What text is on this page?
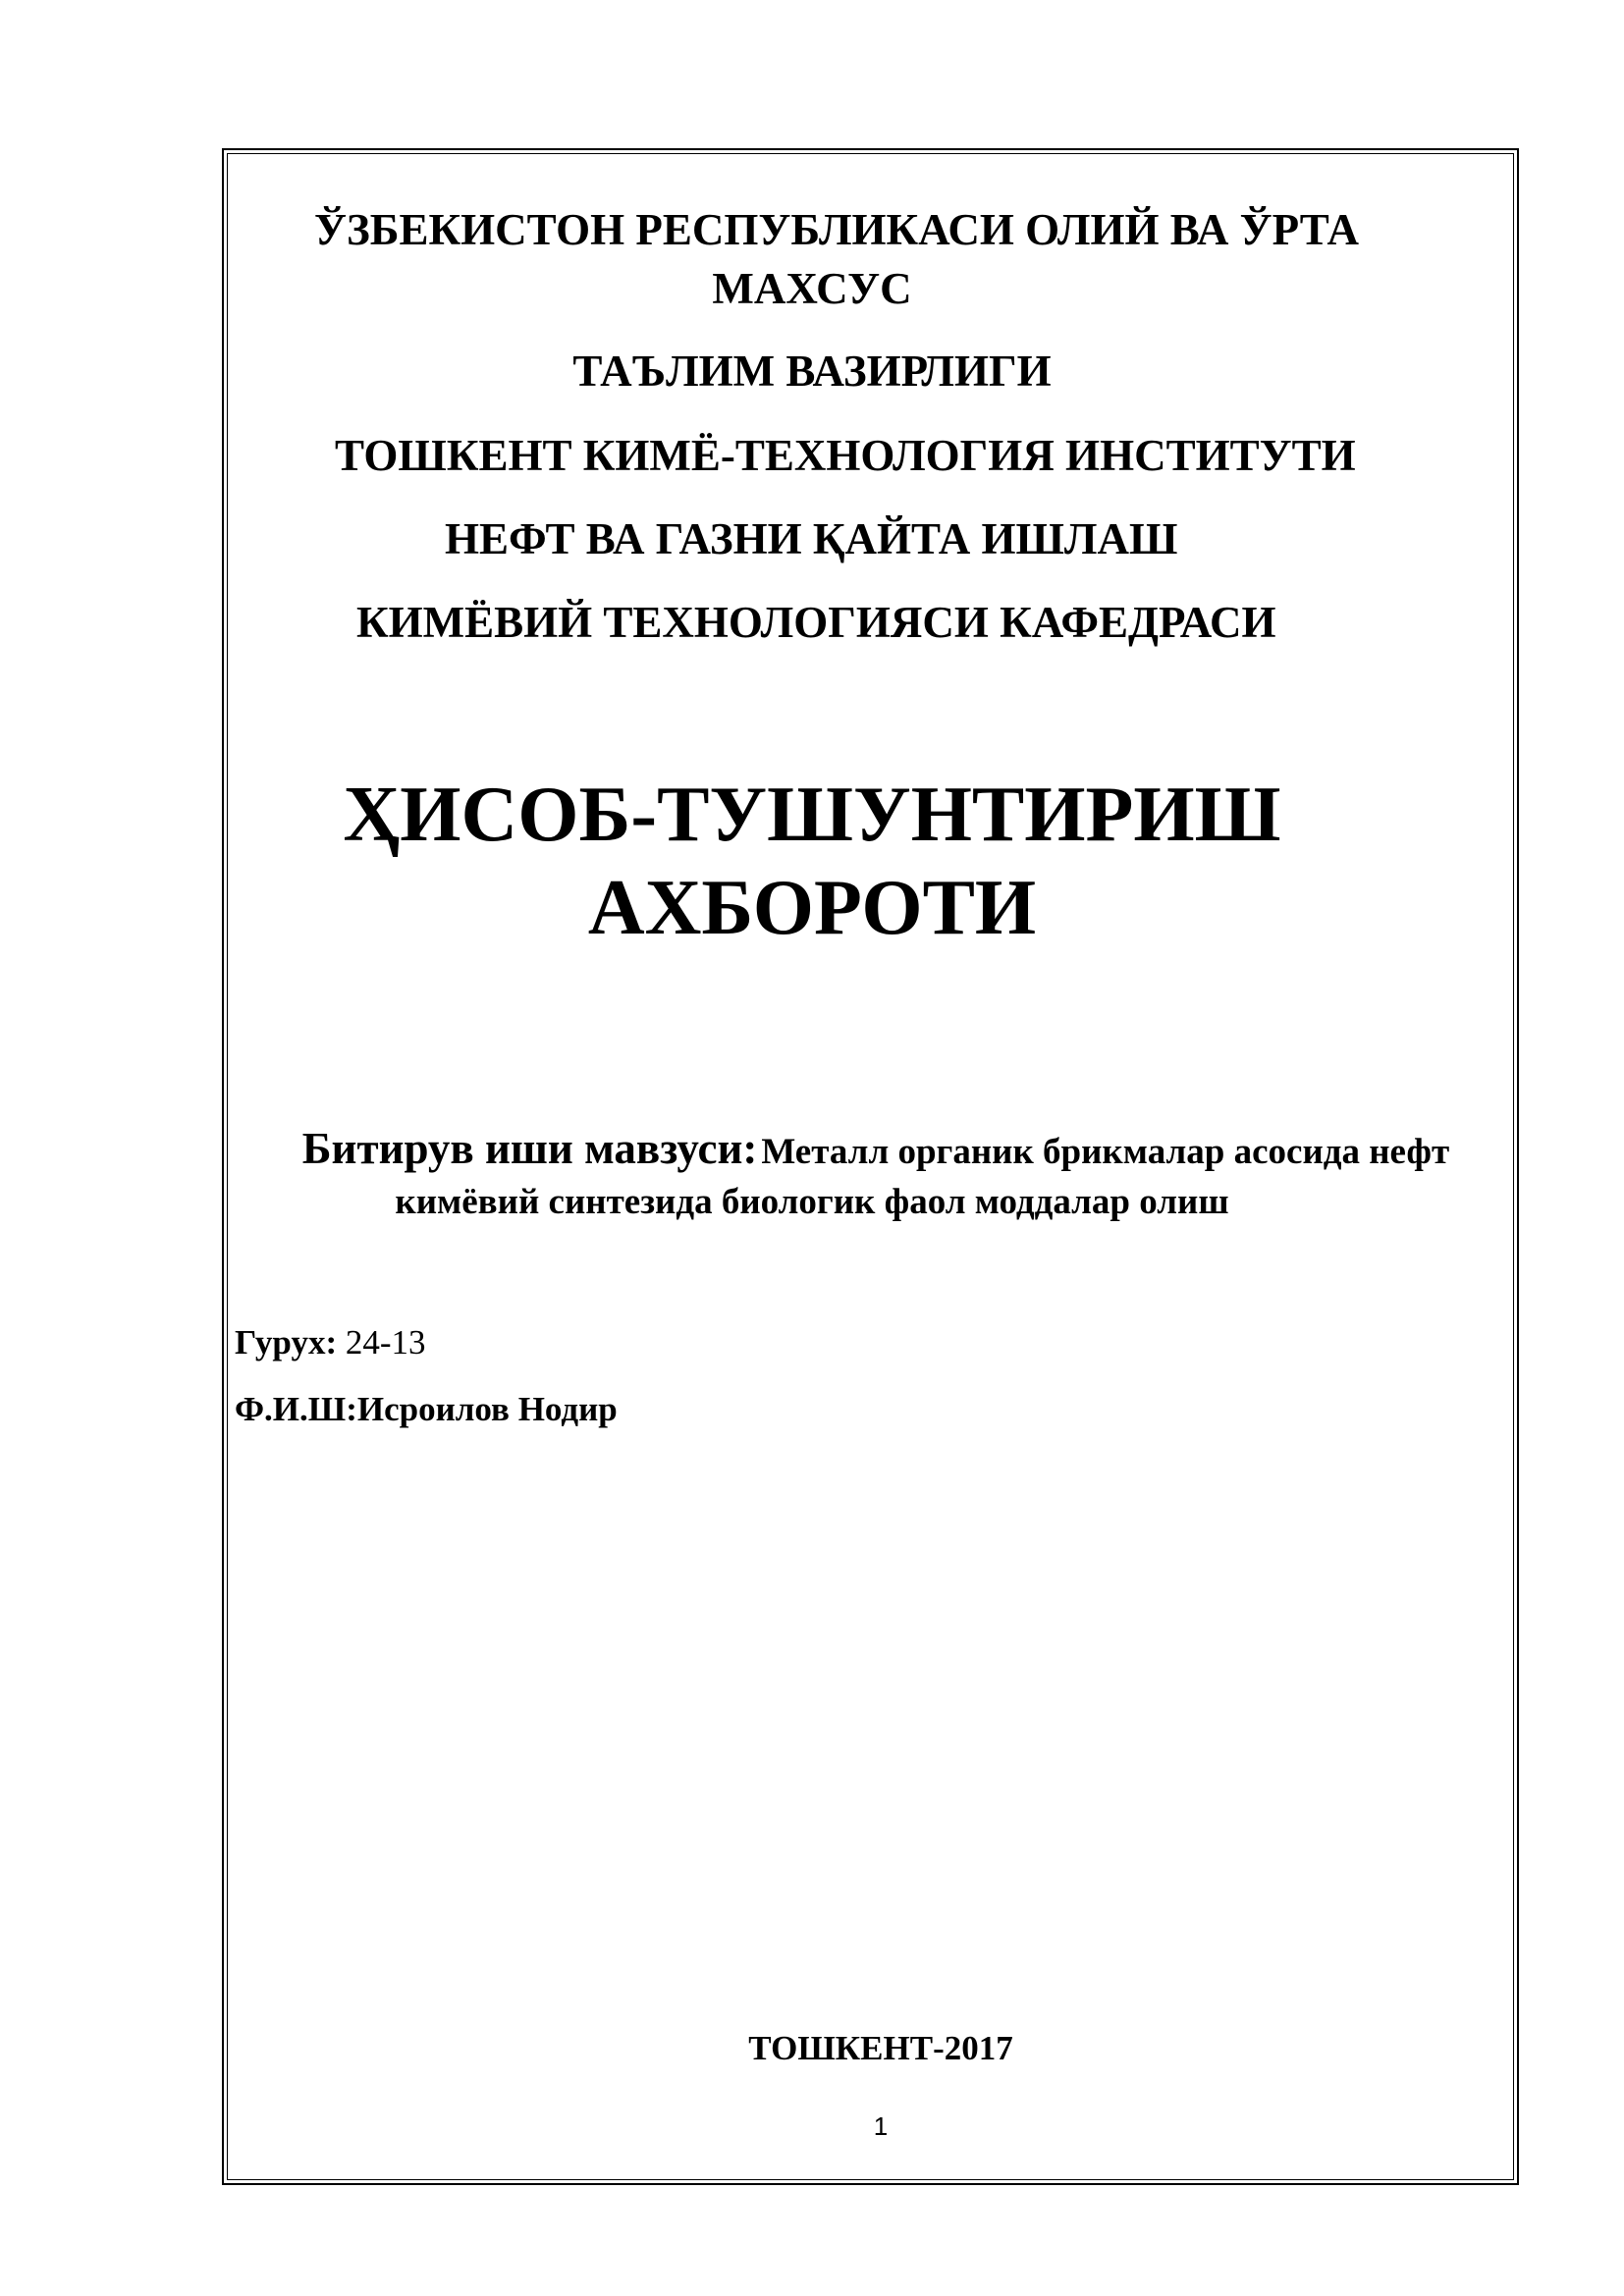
ЎЗБЕКИСТОН РЕСПУБЛИКАСИ ОЛИЙ ВА ЎРТА
МАХСУС
ТАЪЛИМ ВАЗИРЛИГИ
ТОШКЕНТ КИМЁ-ТЕХНОЛОГИЯ ИНСТИТУТИ
НЕФТ ВА ГАЗНИ ҚАЙТА ИШЛАШ
КИМЁВИЙ ТЕХНОЛОГИЯСИ КАФЕДРАСИ
ҲИСОБ-ТУШУНТИРИШ
АХБОРОТИ
Битирув иши мавзуси: Металл органик брикмалар асосида нефт
кимёвий синтезида биологик фаол моддалар олиш
Гурух: 24-13
Ф.И.Ш:Исроилов Нодир
ТОШКЕНТ-2017
1
